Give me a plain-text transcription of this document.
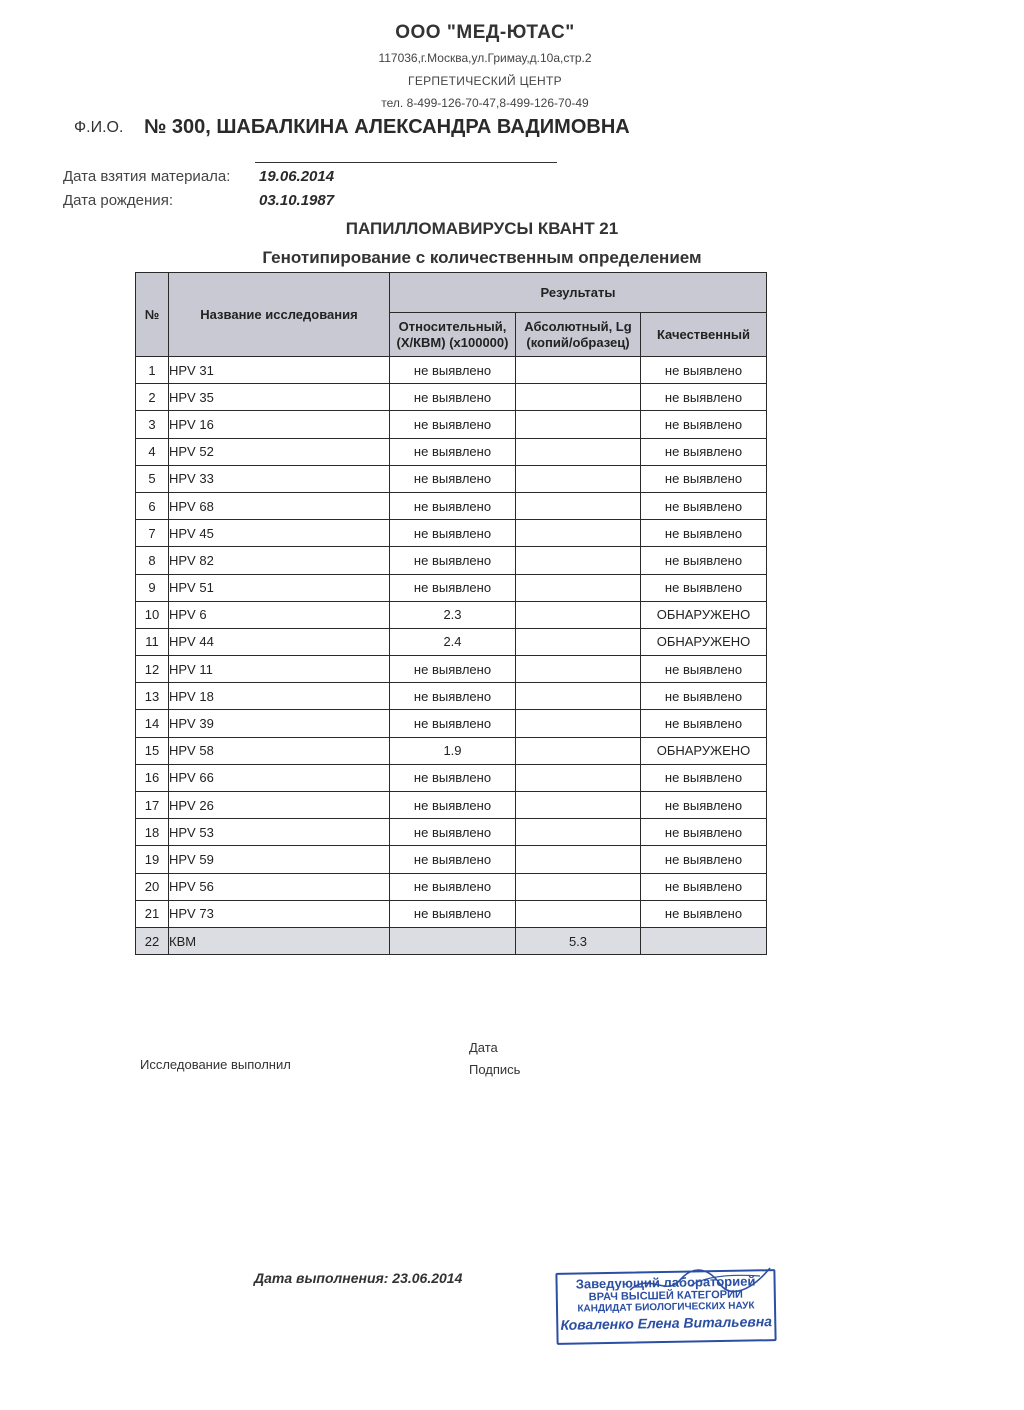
ООО "МЕД-ЮТАС"
117036,г.Москва,ул.Гримау,д.10а,стр.2
ГЕРПЕТИЧЕСКИЙ ЦЕНТР
тел. 8-499-126-70-47,8-499-126-70-49
Ф.И.О. № 300, ШАБАЛКИНА АЛЕКСАНДРА ВАДИМОВНА
Дата взятия материала: 19.06.2014
Дата рождения:	03.10.1987
ПАПИЛЛОМАВИРУСЫ КВАНТ 21
Генотипирование с количественным определением
№	Название исследования	Результаты		
		Относительный, (Х/КВМ) (х100000)	Абсолютный, Lg (копий/образец)	Качественный
1	HPV 31	не выявлено		не выявлено
2	HPV 35	не выявлено		не выявлено
3	HPV 16	не выявлено		не выявлено
4	HPV 52	не выявлено		не выявлено
5	HPV 33	не выявлено		не выявлено
6	HPV 68	не выявлено		не выявлено
7	HPV 45	не выявлено		не выявлено
8	HPV 82	не выявлено		не выявлено
9	HPV 51	не выявлено		не выявлено
10	HPV 6	2.3		ОБНАРУЖЕНО
11	HPV 44	2.4		ОБНАРУЖЕНО
12	HPV 11	не выявлено		не выявлено
13	HPV 18	не выявлено		не выявлено
14	HPV 39	не выявлено		не выявлено
15	HPV 58	1.9		ОБНАРУЖЕНО
16	HPV 66	не выявлено		не выявлено
17	HPV 26	не выявлено		не выявлено
18	HPV 53	не выявлено		не выявлено
19	HPV 59	не выявлено		не выявлено
20	HPV 56	не выявлено		не выявлено
21	HPV 73	не выявлено		не выявлено
22	КВМ		5.3	
Исследование выполнил
Дата
Подпись
Дата выполнения: 23.06.2014	Заведующий лабораторией
ВРАЧ ВЫСШЕЙ КАТЕГОРИИ
КАНДИДАТ БИОЛОГИЧЕСКИХ НАУК
Коваленко Елена Витальевна
